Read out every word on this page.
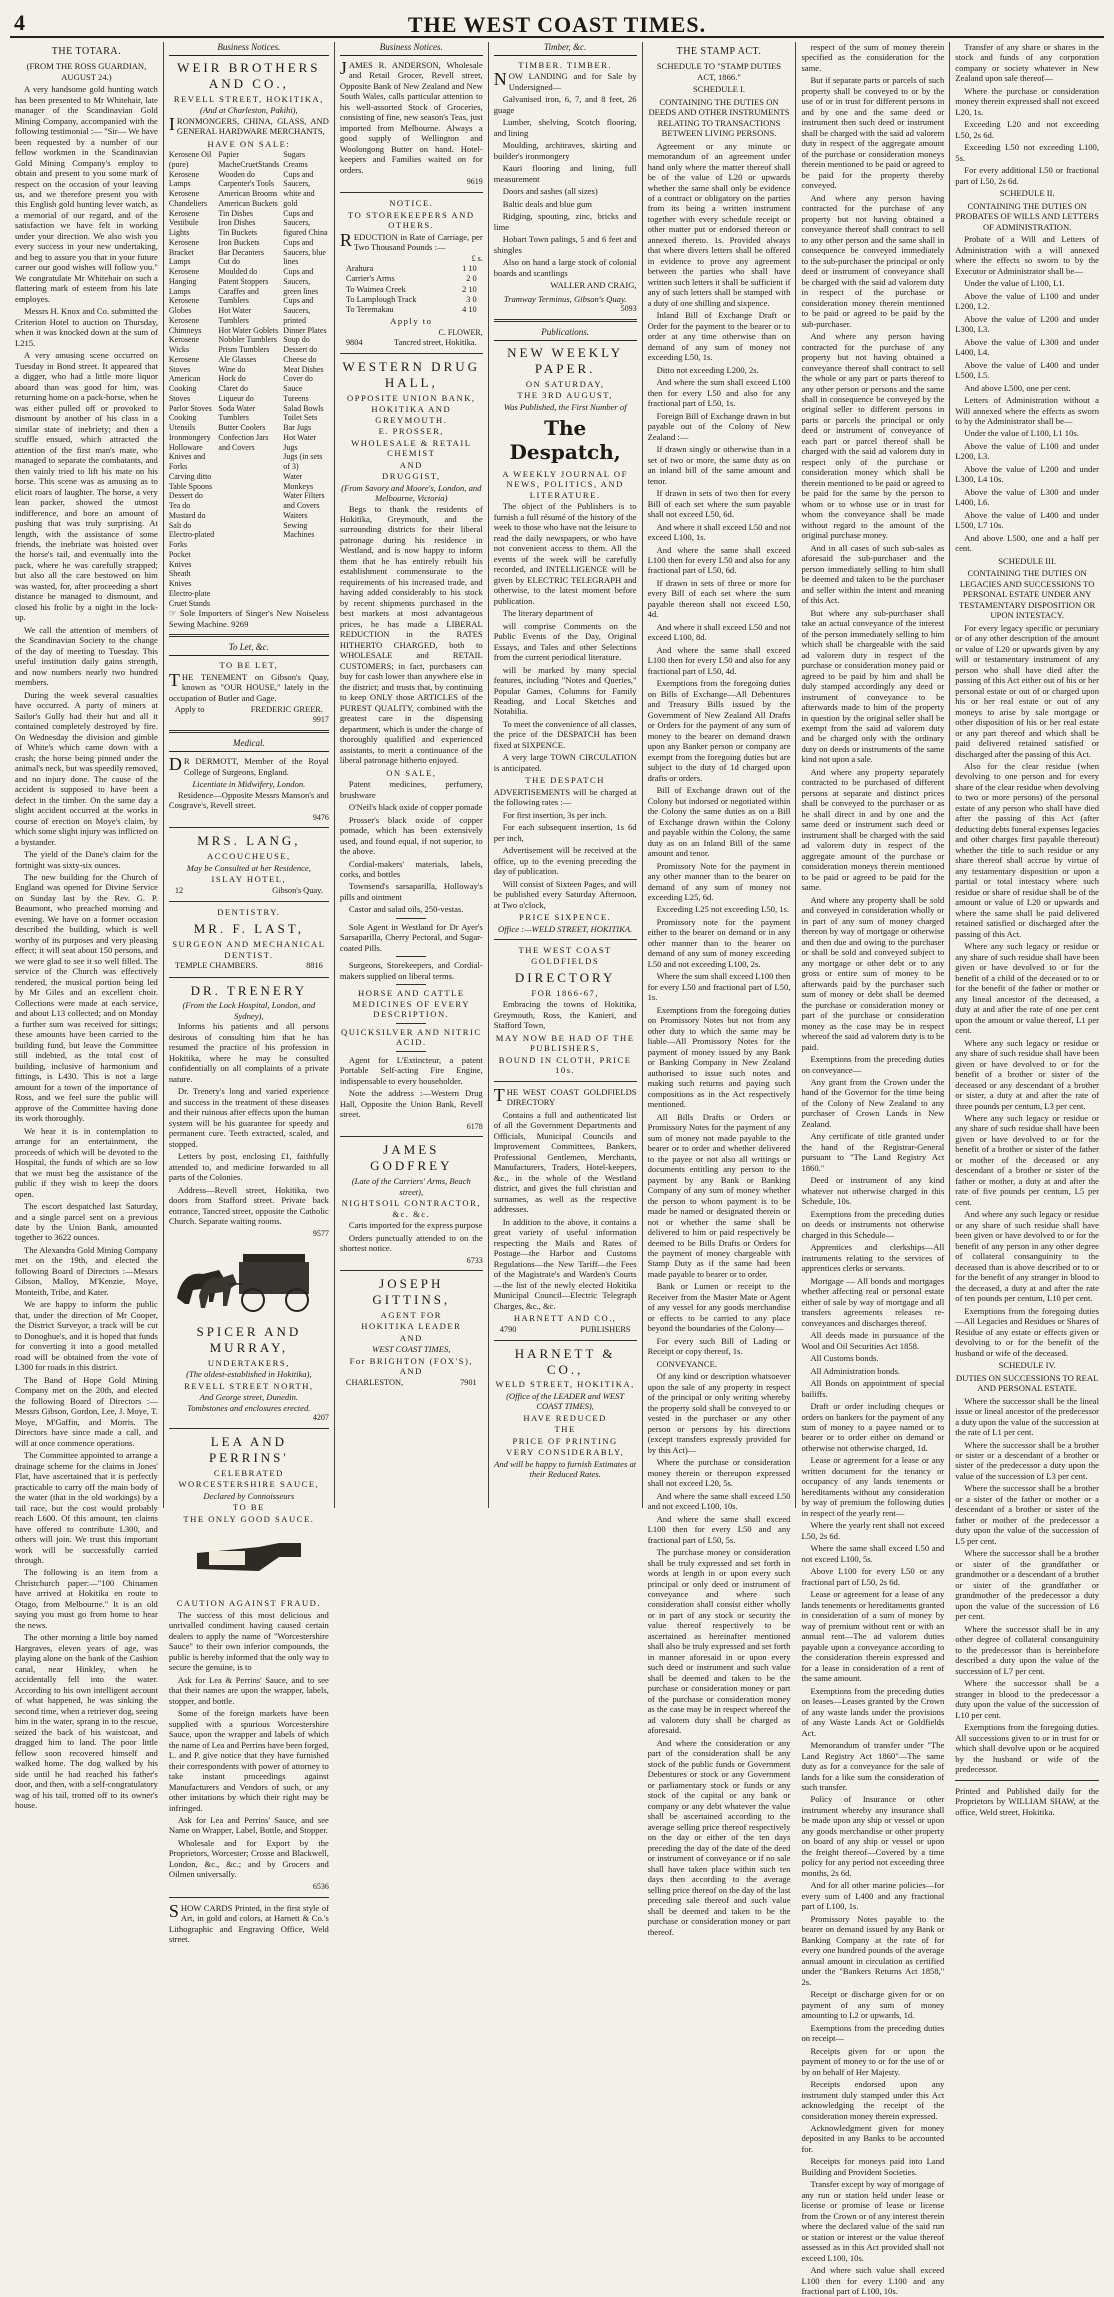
4	THE WEST COAST TIMES.
THE TOTARA.
(FROM THE ROSS GUARDIAN, AUGUST 24.)

A very handsome gold hunting watch has been presented to Mr Whitehair, late manager of the Scandinavian Gold Mining Company, accompanied with the following testimonial :— "Sir— We have been requested by a number of our fellow workmen in the Scandinavian Gold Mining Company's employ to obtain and present to you some mark of respect on the occasion of your leaving us, and we therefore present you with this English gold hunting lever watch, as a memorial of our regard, and of the satisfaction we have felt in working under your direction. We also wish you every success in your new undertaking, and beg to assure you that in your future career our good wishes will follow you." We congratulate Mr Whitehair on such a flattering mark of esteem from his late employes.

Messrs H. Knox and Co. submitted the Criterion Hotel to auction on Thursday, when it was knocked down at the sum of L215.

A very amusing scene occurred on Tuesday in Bond street. It appeared that a digger, who had a little more liquor aboard than was good for him, was returning home on a pack-horse, when he was either pulled off or provoked to dismount by another of his class in a similar state of inebriety; and then a scuffle ensued, which attracted the attention of the first man's mate, who managed to separate the combatants, and then vainly tried to lift his mate on his horse. This scene was as amusing as to elicit roars of laughter. The horse, a very lean packer, showed the utmost indifference, and bore an amount of pushing that was truly surprising. At length, with the assistance of some friends, the inebriate was hoisted over the horse's tail, and eventually into the pack, where he was carefully strapped; but also all the care bestowed on him was wasted, for, after proceeding a short distance he managed to dismount, and closed his frolic by a night in the lock-up.

We call the attention of members of the Scandinavian Society to the change of the day of meeting to Tuesday. This useful institution daily gains strength, and now numbers nearly two hundred members.

During the week several casualties have occurred. A party of miners at Sailor's Gully had their hut and all it contained completely destroyed by fire. On Wednesday the division and gimble of White's which came down with a crash; the horse being pinned under the animal's neck, but was speedily removed, and no injury done. The cause of the accident is supposed to have been a defect in the timber. On the same day a slight accident occurred at the works in course of erection on Moye's claim, by which some slight injury was inflicted on a bystander.

The yield of the Dane's claim for the fortnight was sixty-six ounces.

The new building for the Church of England was opened for Divine Service on Sunday last by the Rev. G. P. Beaumont, who preached morning and evening. We have on a former occasion described the building, which is well worthy of its purposes and very pleasing effect; it will seat about 150 persons, and we were glad to see it so well filled. The service of the Church was effectively rendered, the musical portion being led by Mr Giles and an excellent choir. Collections were made at each service, and about L13 collected; and on Monday a further sum was received for sittings; these amounts have been carried to the building fund, but leave the Committee still indebted, as the total cost of building, inclusive of harmonium and fittings, is L430. This is not a large amount for a town of the importance of Ross, and we feel sure the public will approve of the Committee having done its work thoroughly.

We hear it is in contemplation to arrange for an entertainment, the proceeds of which will be devoted to the Hospital, the funds of which are so low that we must beg the assistance of the public if they wish to keep the doors open.

The escort despatched last Saturday, and a single parcel sent on a previous date by the Union Bank, amounted together to 3622 ounces.

The Alexandra Gold Mining Company met on the 19th, and elected the following Board of Directors :—Messrs Gibson, Malloy, M'Kenzie, Moye, Monteith, Tribe, and Kater.

We are happy to inform the public that, under the direction of Mr Cooper, the District Surveyor, a track will be cut to Donoghue's, and it is hoped that funds for converting it into a good metalled road will be obtained from the vote of L300 for roads in this district.

The Band of Hope Gold Mining Company met on the 20th, and elected the following Board of Directors :— Messrs Gibson, Gordon, Lee, J. Moye, T. Moye, M'Gaffin, and Morris. The Directors have since made a call, and will at once commence operations.

The Committee appointed to arrange a drainage scheme for the claims in Jones' Flat, have ascertained that it is perfectly practicable to carry off the main body of the water (that in the old workings) by a tail race, but the cost would probably reach L600. Of this amount, ten claims have offered to contribute L300, and others will join. We trust this important work will be successfully carried through.

The following is an item from a Christchurch paper:—"100 Chinamen have arrived at Hokitika en route to Otago, from Melbourne." It is an old saying you must go from home to hear the news.

The other morning a little boy named Hargraves, eleven years of age, was playing alone on the bank of the Cashion canal, near Hinkley, when he accidentally fell into the water. According to his own intelligent account of what happened, he was sinking the second time, when a retriever dog, seeing him in the water, sprang in to the rescue, seized the back of his waistcoat, and dragged him to land. The poor little fellow soon recovered himself and walked home. The dog walked by his side until he had reached his father's door, and then, with a self-congratulatory wag of his tail, trotted off to its owner's house.

Business Notices.
WEIR BROTHERS AND CO.,
REVELL STREET, HOKITIKA,
(And at Charleston, Pakihi),

IRONMONGERS, CHINA, GLASS, AND GENERAL HARDWARE MERCHANTS,

HAVE ON SALE:
Kerosene Oil (pure)
Kerosene Lamps
Kerosene Chandeliers
Kerosene Vestibule Lights
Kerosene Bracket Lamps
Kerosene Hanging Lamps
Kerosene Globes
Kerosene Chimneys
Kerosene Wicks
Kerosene Stoves
American Cooking Stoves
Parlor Stoves
Cooking Utensils
Ironmongery
Holloware
Knives and Forks
Carving ditto
Table Spoons
Dessert do
Tea do
Mustard do
Salt do
Electro-plated Forks
Pocket Knives
Sheath Knives
Electro-plate Cruet Stands
Papier MacheCruetStands
Wooden do
Carpenter's Tools
American Brooms
American Buckets
Tin Dishes
Iron Dishes
Tin Buckets
Iron Buckets
Bar Decanters
Cut do
Moulded do
Patent Stoppers
Caraffes and Tumblers
Hot Water Tumblers
Hot Water Goblets
Nobbler Tumblers
Prism Tumblers
Ale Glasses
Wine do
Hock do
Claret do
Liqueur do
Soda Water Tumblers
Butter Coolers
Confection Jars and Covers
Sugars
Creams
Cups and Saucers, white and gold
Cups and Saucers, figured China
Cups and Saucers, blue lines
Cups and Saucers, green lines
Cups and Saucers, printed
Dinner Plates
Soup do
Dessert do
Cheese do
Meat Dishes
Cover do
Sauce Tureens
Salad Bowls
Toilet Sets
Bar Jugs
Hot Water Jugs
Jugs (in sets of 3)
Water Monkeys
Water Filters and Covers
Waiters
Sewing Machines

☞ Sole Importers of Singer's New Noiseless Sewing Machine. 9269

To Let, &c.
TO BE LET,

THE TENEMENT on Gibson's Quay, known as "OUR HOUSE," lately in the occupation of Butler and Gage.

Apply to	FREDERIC GREER.
9917
Medical.

DR DERMOTT, Member of the Royal College of Surgeons, England.

Licentiate in Midwifery, London.

Residence—Opposite Messrs Manson's and Cosgrave's, Revell street.

9476
MRS. LANG,
ACCOUCHEUSE,
May be Consulted at her Residence,
ISLAY HOTEL,
12	Gibson's Quay.
DENTISTRY.
MR. F. LAST,
SURGEON AND MECHANICAL DENTIST.
TEMPLE CHAMBERS.	8816
DR. TRENERY
(From the Lock Hospital, London, and Sydney),

Informs his patients and all persons desirous of consulting him that he has resumed the practice of his profession in Hokitika, where he may be consulted confidentially on all complaints of a private nature.

Dr. Trenery's long and varied experience and success in the treatment of these diseases and their ruinous after effects upon the human system will be his guarantee for speedy and permanent cure. Teeth extracted, scaled, and stopped.

Letters by post, enclosing £1, faithfully attended to, and medicine forwarded to all parts of the Colonies.

Address—Revell street, Hokitika, two doors from Stafford street. Private back entrance, Tancred street, opposite the Catholic Church. Separate waiting rooms.

9577
SPICER AND MURRAY,
UNDERTAKERS,
(The oldest-established in Hokitika),
REVELL STREET NORTH,
And George street, Dunedin.
Tombstones and enclosures erected.
4207
LEA AND PERRINS'
CELEBRATED
WORCESTERSHIRE SAUCE,
Declared by Connoisseurs
TO BE
THE ONLY GOOD SAUCE.
CAUTION AGAINST FRAUD.

The success of this most delicious and unrivalled condiment having caused certain dealers to apply the name of "Worcestershire Sauce" to their own inferior compounds, the public is hereby informed that the only way to secure the genuine, is to

Ask for Lea & Perrins' Sauce, and to see that their names are upon the wrapper, labels, stopper, and bottle.

Some of the foreign markets have been supplied with a spurious Worcestershire Sauce, upon the wrapper and labels of which the name of Lea and Perrins have been forged, L. and P. give notice that they have furnished their correspondents with power of attorney to take instant proceedings against Manufacturers and Vendors of such, or any other imitations by which their right may be infringed.

Ask for Lea and Perrins' Sauce, and see Name on Wrapper, Label, Bottle, and Stopper.

Wholesale and for Export by the Proprietors, Worcester; Crosse and Blackwell, London, &c., &c.; and by Grocers and Oilmen universally.

6536

SHOW CARDS Printed, in the first style of Art, in gold and colors, at Harnett & Co.'s Lithographic and Engraving Office, Weld street.

Business Notices.

JAMES R. ANDERSON, Wholesale and Retail Grocer, Revell street, Opposite Bank of New Zealand and New South Wales, calls particular attention to his well-assorted Stock of Groceries, consisting of fine, new season's Teas, just imported from Melbourne. Always a good supply of Wellington and Woolongong Butter on hand. Hotel-keepers and Families waited on for orders.

9619
NOTICE.
TO STOREKEEPERS AND OTHERS.

REDUCTION in Rate of Carriage, per Two Thousand Pounds :—

£ s.
Arahura	1 10
Carrier's Arms	2 0
To Waimea Creek	2 10
To Lamplough Track	3 0
To Teremakau	4 10
Apply to
C. FLOWER,
9804	Tancred street, Hokitika.
WESTERN DRUG HALL,
OPPOSITE UNION BANK,
HOKITIKA AND GREYMOUTH.
E. PROSSER,
WHOLESALE & RETAIL CHEMIST
AND
DRUGGIST,
(From Savory and Moore's, London, and Melbourne, Victoria)

Begs to thank the residents of Hokitika, Greymouth, and the surrounding districts for their liberal patronage during his residence in Westland, and is now happy to inform them that he has entirely rebuilt his establishment commensurate to the requirements of his increased trade, and having added considerably to his stock by recent shipments purchased in the best markets at most advantageous prices, he has made a LIBERAL REDUCTION in the RATES HITHERTO CHARGED, both to WHOLESALE and RETAIL CUSTOMERS; in fact, purchasers can buy for cash lower than anywhere else in the district; and trusts that, by continuing to keep ONLY those ARTICLES of the PUREST QUALITY, combined with the greatest care in the dispensing department, which is under the charge of thoroughly qualified and experienced assistants, to merit a continuance of the liberal patronage hitherto enjoyed.

ON SALE,

Patent medicines, perfumery, brushware

O'Neil's black oxide of copper pomade

Prosser's black oxide of copper pomade, which has been extensively used, and found equal, if not superior, to the above.

Cordial-makers' materials, labels, corks, and bottles

Townsend's sarsaparilla, Holloway's pills and ointment

Castor and salad oils, 250-vestas.

Sole Agent in Westland for Dr Ayer's Sarsaparilla, Cherry Pectoral, and Sugar-coated Pills.

Surgeons, Storekeepers, and Cordial-makers supplied on liberal terms.

HORSE AND CATTLE MEDICINES OF EVERY DESCRIPTION.
QUICKSILVER AND NITRIC ACID.

Agent for L'Extincteur, a patent Portable Self-acting Fire Engine, indispensable to every householder.

Note the address :—Western Drug Hall, Opposite the Union Bank, Revell street.

6178
JAMES GODFREY
(Late of the Carriers' Arms, Beach street),
NIGHTSOIL CONTRACTOR, &c. &c.

Carts imported for the express purpose

Orders punctually attended to on the shortest notice.

6733
JOSEPH GITTINS,
AGENT FOR
HOKITIKA LEADER
AND
WEST COAST TIMES,
For BRIGHTON (FOX'S), AND
CHARLESTON,	7901
Timber, &c.
TIMBER. TIMBER.

NOW LANDING and for Sale by Undersigned—

Galvanised iron, 6, 7, and 8 feet, 26 guage

Lumber, shelving, Scotch flooring, and lining

Moulding, architraves, skirting and builder's ironmongery

Kauri flooring and lining, full measurement

Doors and sashes (all sizes)

Baltic deals and blue gum

Ridging, spouting, zinc, bricks and lime

Hobart Town palings, 5 and 6 feet and shingles

Also on hand a large stock of colonial boards and scantlings

WALLER AND CRAIG,
Tramway Terminus, Gibson's Quay.
5093
Publications.
NEW WEEKLY PAPER.
ON SATURDAY,
THE 3RD AUGUST,
Was Published, the First Number of
The Despatch,
A WEEKLY JOURNAL OF NEWS, POLITICS, AND LITERATURE.

The object of the Publishers is to furnish a full résumé of the history of the week to those who have not the leisure to read the daily newspapers, or who have not convenient access to them. All the events of the week will be carefully recorded, and INTELLIGENCE will be given by ELECTRIC TELEGRAPH and otherwise, to the latest moment before publication.

The literary department of

will comprise Comments on the Public Events of the Day, Original Essays, and Tales and other Selections from the current periodical literature.

will be marked by many special features, including "Notes and Queries," Popular Games, Columns for Family Reading, and Local Sketches and Notabilia.

To meet the convenience of all classes, the price of the DESPATCH has been fixed at SIXPENCE.

A very large TOWN CIRCULATION is anticipated.

THE DESPATCH

ADVERTISEMENTS will be charged at the following rates :—

For first insertion, 3s per inch.

For each subsequent insertion, 1s 6d per inch,

Advertisement will be received at the office, up to the evening preceding the day of publication.

Will consist of Sixteen Pages, and will be published every Saturday Afternoon, at Two o'clock,

PRICE SIXPENCE.
Office :—WELD STREET, HOKITIKA.
THE WEST COAST GOLDFIELDS
DIRECTORY
FOR 1866-67,

Embracing the towns of Hokitika, Greymouth, Ross, the Kanieri, and Stafford Town,

MAY NOW BE HAD OF THE PUBLISHERS,
BOUND IN CLOTH, PRICE 10s.

THE WEST COAST GOLDFIELDS DIRECTORY

Contains a full and authenticated list of all the Government Departments and Officials, Municipal Councils and Improvement Committees, Bankers, Professional Gentlemen, Merchants, Manufacturers, Traders, Hotel-keepers, &c., in the whole of the Westland district, and gives the full christian and surnames, as well as the respective addresses.

In addition to the above, it contains a great variety of useful information respecting the Mails and Rates of Postage—the Harbor and Customs Regulations—the New Tariff—the Fees of the Magistrate's and Warden's Courts—the list of the newly elected Hokitika Municipal Council—Electric Telegraph Charges, &c., &c.

HARNETT AND CO.,
4790	PUBLISHERS
HARNETT & CO.,
WELD STREET, HOKITIKA,
(Office of the LEADER and WEST COAST TIMES),
HAVE REDUCED
THE
PRICE OF PRINTING
VERY CONSIDERABLY,
And will be happy to furnish Estimates at their Reduced Rates.
THE STAMP ACT.
SCHEDULE TO "STAMP DUTIES ACT, 1866."
SCHEDULE I.
CONTAINING THE DUTIES ON DEEDS AND OTHER INSTRUMENTS RELATING TO TRANSACTIONS BETWEEN LIVING PERSONS.

Agreement or any minute or memorandum of an agreement under hand only where the matter thereof shall be of the value of L20 or upwards whether the same shall only be evidence of a contract or obligatory on the parties from its being a written instrument together with every schedule receipt or other matter put or endorsed thereon or annexed thereto. 1s. Provided always that where divers letters shall be offered in evidence to prove any agreement between the parties who shall have written such letters it shall be sufficient if any of such letters shall be stamped with a duty of one shilling and sixpence.

Inland Bill of Exchange Draft or Order for the payment to the bearer or to order at any time otherwise than on demand of any sum of money not exceeding L50, 1s.

Ditto not exceeding L200, 2s.

And where the sum shall exceed L100 then for every L50 and also for any fractional part of L50, 1s.

Foreign Bill of Exchange drawn in but payable out of the Colony of New Zealand :—

If drawn singly or otherwise than in a set of two or more, the same duty as on an inland bill of the same amount and tenor.

If drawn in sets of two then for every Bill of each set where the sum payable shall not exceed L50, 6d.

And where it shall exceed L50 and not exceed L100, 1s.

And where the same shall exceed L100 then for every L50 and also for any fractional part of L50, 6d.

If drawn in sets of three or more for every Bill of each set where the sum payable thereon shall not exceed L50, 4d.

And where it shall exceed L50 and not exceed L100, 8d.

And where the same shall exceed L100 then for every L50 and also for any fractional part of L50, 4d.

Exemptions from the foregoing duties on Bills of Exchange—All Debentures and Treasury Bills issued by the Government of New Zealand All Drafts or Orders for the payment of any sum of money to the bearer on demand drawn upon any Banker person or company are exempt from the foregoing duties but are subject to the duty of 1d charged upon drafts or orders.

Bill of Exchange drawn out of the Colony but indorsed or negotiated within the Colony the same duties as on a Bill of Exchange drawn within the Colony and payable within the Colony, the same duty as on an Inland Bill of the same amount and tenor.

Promissory Note for the payment in any other manner than to the bearer on demand of any sum of money not exceeding L25, 6d.

Exceeding L25 not exceeding L50, 1s.

Promissory note for the payment either to the bearer on demand or in any other manner than to the bearer on demand of any sum of money exceeding L50 and not exceeding L100, 2s.

Where the sum shall exceed L100 then for every L50 and fractional part of L50, 1s.

Exemptions from the foregoing duties on Promissory Notes but not from any other duty to which the same may be liable—All Promissory Notes for the payment of money issued by any Bank or Banking Company in New Zealand authorised to issue such notes and making such returns and paying such compositions as in the Act respectively mentioned.

All Bills Drafts or Orders or Promissory Notes for the payment of any sum of money not made payable to the bearer or to order and whether delivered to the payee or not also all writings or documents entitling any person to the payment by any Bank or Banking Company of any sum of money whether the person to whom payment is to be made be named or designated therein or not or whether the same shall be delivered to him or paid respectively be deemed to be Bills Drafts or Orders for the payment of money chargeable with Stamp Duty as if the same had been made payable to bearer or to order.

Bank or Lumen or receipt to the Receiver from the Master Mate or Agent of any vessel for any goods merchandise or effects to be carried to any place beyond the boundaries of the Colony—

For every such Bill of Lading or Receipt or copy thereof, 1s.

CONVEYANCE.

Of any kind or description whatsoever upon the sale of any property in respect of the principal or only writing whereby the property sold shall be conveyed to or vested in the purchaser or any other person or persons by his directions (except transfers expressly provided for by this Act)—

Where the purchase or consideration money therein or thereupon expressed shall not exceed L20, 5s.

And where the same shall exceed L50 and not exceed L100, 10s.

And where the same shall exceed L100 then for every L50 and any fractional part of L50, 5s.

The purchase money or consideration shall be truly expressed and set forth in words at length in or upon every such principal or only deed or instrument of conveyance and where such consideration shall consist either wholly or in part of any stock or security the value thereof respectively to be ascertained as hereinafter mentioned shall also be truly expressed and set forth in manner aforesaid in or upon every such deed or instrument and such value shall be deemed and taken to be the purchase or consideration money or part of the purchase or consideration money as the case may be in respect whereof the ad valorem duty shall be charged as aforesaid.

And where the consideration or any part of the consideration shall be any stock of the public funds or Government Debentures or stock or any Government or parliamentary stock or funds or any stock of the capital or any bank or company or any debt whatever the value shall be ascertained according to the average selling price thereof respectively on the day or either of the ten days preceding the day of the date of the deed or instrument of conveyance or if no sale shall have taken place within such ten days then according to the average selling price thereof on the day of the last preceding sale thereof and such value shall be deemed and taken to be the purchase or consideration money or part thereof.

respect of the sum of money therein specified as the consideration for the same.

But if separate parts or parcels of such property shall be conveyed to or by the use of or in trust for different persons in and by one and the same deed or instrument then such deed or instrument shall be charged with the said ad valorem duty in respect of the aggregate amount of the purchase or consideration moneys therein mentioned to be paid or agreed to be paid for the property thereby conveyed.

And where any person having contracted for the purchase of any property but not having obtained a conveyance thereof shall contract to sell to any other person and the same shall in consequence be conveyed immediately to the sub-purchaser the principal or only deed or instrument of conveyance shall be charged with the said ad valorem duty in respect of the purchase or consideration money therein mentioned to be paid or agreed to be paid by the sub-purchaser.

And where any person having contracted for the purchase of any property but not having obtained a conveyance thereof shall contract to sell the whole or any part or parts thereof to any other person or persons and the same shall in consequence be conveyed by the original seller to different persons in parts or parcels the principal or only deed or instrument of conveyance of each part or parcel thereof shall be charged with the said ad valorem duty in respect only of the purchase or consideration money which shall be therein mentioned to be paid or agreed to be paid for the same by the person to whom or to whose use or in trust for whom the conveyance shall be made without regard to the amount of the original purchase money.

And in all cases of such sub-sales as aforesaid the sub-purchaser and the person immediately selling to him shall be deemed and taken to be the purchaser and seller within the intent and meaning of this Act.

But where any sub-purchaser shall take an actual conveyance of the interest of the person immediately selling to him which shall be chargeable with the said ad valorem duty in respect of the purchase or consideration money paid or agreed to be paid by him and shall be duly stamped accordingly any deed or instrument of conveyance to be afterwards made to him of the property in question by the original seller shall be exempt from the said ad valorem duty and be charged only with the ordinary duty on deeds or instruments of the same kind not upon a sale.

And where any property separately contracted to be purchased of different persons at separate and distinct prices shall be conveyed to the purchaser or as he shall direct in and by one and the same deed or instrument such deed or instrument shall be charged with the said ad valorem duty in respect of the aggregate amount of the purchase or consideration moneys therein mentioned to be paid or agreed to be paid for the same.

And where any property shall be sold and conveyed in consideration wholly or in part of any sum of money charged thereon by way of mortgage or otherwise and then due and owing to the purchaser or shall be sold and conveyed subject to any mortgage or other debt or to any gross or entire sum of money to be afterwards paid by the purchaser such sum of money or debt shall be deemed the purchase or consideration money or part of the purchase or consideration money as the case may be in respect whereof the said ad valorem duty is to be paid.

Exemptions from the preceding duties on conveyance—

Any grant from the Crown under the hand of the Governor for the time being of the Colony of New Zealand to any purchaser of Crown Lands in New Zealand.

Any certificate of title granted under the hand of the Registrar-General pursuant to "The Land Registry Act 1860."

Deed or instrument of any kind whatever not otherwise charged in this Schedule, 10s.

Exemptions from the preceding duties on deeds or instruments not otherwise charged in this Schedule—

Apprentices and clerkships—All instruments relating to the services of apprentices clerks or servants.

Mortgage — All bonds and mortgages whether affecting real or personal estate either of sale by way of mortgage and all transfers agreements releases re-conveyances and discharges thereof.

All deeds made in pursuance of the Wool and Oil Securities Act 1858.

All Customs bonds.

All Administration bonds.

All Bonds on appointment of special bailiffs.

Draft or order including cheques or orders on bankers for the payment of any sum of money to a payee named or to bearer or to order either on demand or otherwise not otherwise charged, 1d.

Lease or agreement for a lease or any written document for the tenancy or occupancy of any lands tenements or hereditaments without any consideration by way of premium the following duties in respect of the yearly rent—

Where the yearly rent shall not exceed L50, 2s 6d.

Where the same shall exceed L50 and not exceed L100, 5s.

Above L100 for every L50 or any fractional part of L50, 2s 6d.

Lease or agreement for a lease of any lands tenements or hereditaments granted in consideration of a sum of money by way of premium without rent or with an annual rent—The ad valorem duties payable upon a conveyance according to the consideration therein expressed and for a lease in consideration of a rent of the same amount.

Exemptions from the preceding duties on leases—Leases granted by the Crown of any waste lands under the provisions of any Waste Lands Act or Goldfields Act.

Memorandum of transfer under "The Land Registry Act 1860"—The same duty as for a conveyance for the sale of lands for a like sum the consideration of such transfer.

Policy of Insurance or other instrument whereby any insurance shall be made upon any ship or vessel or upon any goods merchandise or other property on board of any ship or vessel or upon the freight thereof—Covered by a time policy for any period not exceeding three months, 2s 6d.

And for all other marine policies—for every sum of L400 and any fractional part of L100, 1s.

Promissory Notes payable to the bearer on demand issued by any Bank or Banking Company at the rate of for every one hundred pounds of the average annual amount in circulation as certified under the "Bankers Returns Act 1858," 2s.

Receipt or discharge given for or on payment of any sum of money amounting to L2 or upwards, 1d.

Exemptions from the preceding duties on receipt—

Receipts given for or upon the payment of money to or for the use of or by on behalf of Her Majesty.

Receipts endorsed upon any instrument duly stamped under this Act acknowledging the receipt of the consideration money therein expressed.

Acknowledgment given for money deposited in any Banks to be accounted for.

Receipts for moneys paid into Land Building and Provident Societies.

Transfer except by way of mortgage of any run or station held under lease or license or promise of lease or license from the Crown or of any interest therein where the declared value of the said run or station or interest or the value thereof assessed as in this Act provided shall not exceed L100, 10s.

And where such value shall exceed L100 then for every L100 and any fractional part of L100, 10s.

Transfer of any share or shares in the stock and funds of any corporation company or society whatever in New Zealand upon sale thereof—

Where the purchase or consideration money therein expressed shall not exceed L20, 1s.

Exceeding L20 and not exceeding L50, 2s 6d.

Exceeding L50 not exceeding L100, 5s.

For every additional L50 or fractional part of L50, 2s 6d.

SCHEDULE II.
CONTAINING THE DUTIES ON PROBATES OF WILLS AND LETTERS OF ADMINISTRATION.

Probate of a Will and Letters of Administration with a will annexed where the effects so sworn to by the Executor or Administrator shall be—

Under the value of L100, L1.

Above the value of L100 and under L200, L2.

Above the value of L200 and under L300, L3.

Above the value of L300 and under L400, L4.

Above the value of L400 and under L500, L5.

And above L500, one per cent.

Letters of Administration without a Will annexed where the effects as sworn to by the Administrator shall be—

Under the value of L100, L1 10s.

Above the value of L100 and under L200, L3.

Above the value of L200 and under L300, L4 10s.

Above the value of L300 and under L400, L6.

Above the value of L400 and under L500, L7 10s.

And above L500, one and a half per cent.

SCHEDULE III.
CONTAINING THE DUTIES ON LEGACIES AND SUCCESSIONS TO PERSONAL ESTATE UNDER ANY TESTAMENTARY DISPOSITION OR UPON INTESTACY.

For every legacy specific or pecuniary or of any other description of the amount or value of L20 or upwards given by any will or testamentary instrument of any person who shall have died after the passing of this Act either out of his or her personal estate or out of or charged upon his or her real estate or out of any moneys to arise by sale mortgage or other disposition of his or her real estate or any part thereof and which shall be paid delivered retained satisfied or discharged after the passing of this Act.

Also for the clear residue (when devolving to one person and for every share of the clear residue when devolving to two or more persons) of the personal estate of any person who shall have died after the passing of this Act (after deducting debts funeral expenses legacies and other charges first payable thereout) whether the title to such residue or any share thereof shall accrue by virtue of any testamentary disposition or upon a partial or total intestacy where such residue or share of residue shall be of the amount or value of L20 or upwards and where the same shall be paid delivered retained satisfied or discharged after the passing of this Act.

Where any such legacy or residue or any share of such residue shall have been given or have devolved to or for the benefit of a child of the deceased or to or for the benefit of the father or mother or any lineal ancestor of the deceased, a duty at and after the rate of one per cent upon the amount or value thereof, L1 per cent.

Where any such legacy or residue or any share of such residue shall have been given or have devolved to or for the benefit of a brother or sister of the deceased or any descendant of a brother or sister, a duty at and after the rate of three pounds per centum, L3 per cent.

Where any such legacy or residue or any share of such residue shall have been given or have devolved to or for the benefit of a brother or sister of the father or mother of the deceased or any descendant of a brother or sister of the father or mother, a duty at and after the rate of five pounds per centum, L5 per cent.

And where any such legacy or residue or any share of such residue shall have been given or have devolved to or for the benefit of any person in any other degree of collateral consanguinity to the deceased than is above described or to or for the benefit of any stranger in blood to the deceased, a duty at and after the rate of ten pounds per centum, L10 per cent.

Exemptions from the foregoing duties—All Legacies and Residues or Shares of Residue of any estate or effects given or devolving to or for the benefit of the husband or wife of the deceased.

SCHEDULE IV.
DUTIES ON SUCCESSIONS TO REAL AND PERSONAL ESTATE.

Where the successor shall be the lineal issue or lineal ancestor of the predecessor a duty upon the value of the succession at the rate of L1 per cent.

Where the successor shall be a brother or sister or a descendant of a brother or sister of the predecessor a duty upon the value of the succession of L3 per cent.

Where the successor shall be a brother or a sister of the father or mother or a descendant of a brother or sister of the father or mother of the predecessor a duty upon the value of the succession of L5 per cent.

Where the successor shall be a brother or sister of the grandfather or grandmother or a descendant of a brother or sister of the grandfather or grandmother of the predecessor a duty upon the value of the succession of L6 per cent.

Where the successor shall be in any other degree of collateral consanguinity to the predecessor than is hereinbefore described a duty upon the value of the succession of L7 per cent.

Where the successor shall be a stranger in blood to the predecessor a duty upon the value of the succession of L10 per cent.

Exemptions from the foregoing duties. All successions given to or in trust for or which shall devolve upon or be acquired by the husband or wife of the predecessor.

Printed and Published daily for the Proprietors by WILLIAM SHAW, at the office, Weld street, Hokitika.
